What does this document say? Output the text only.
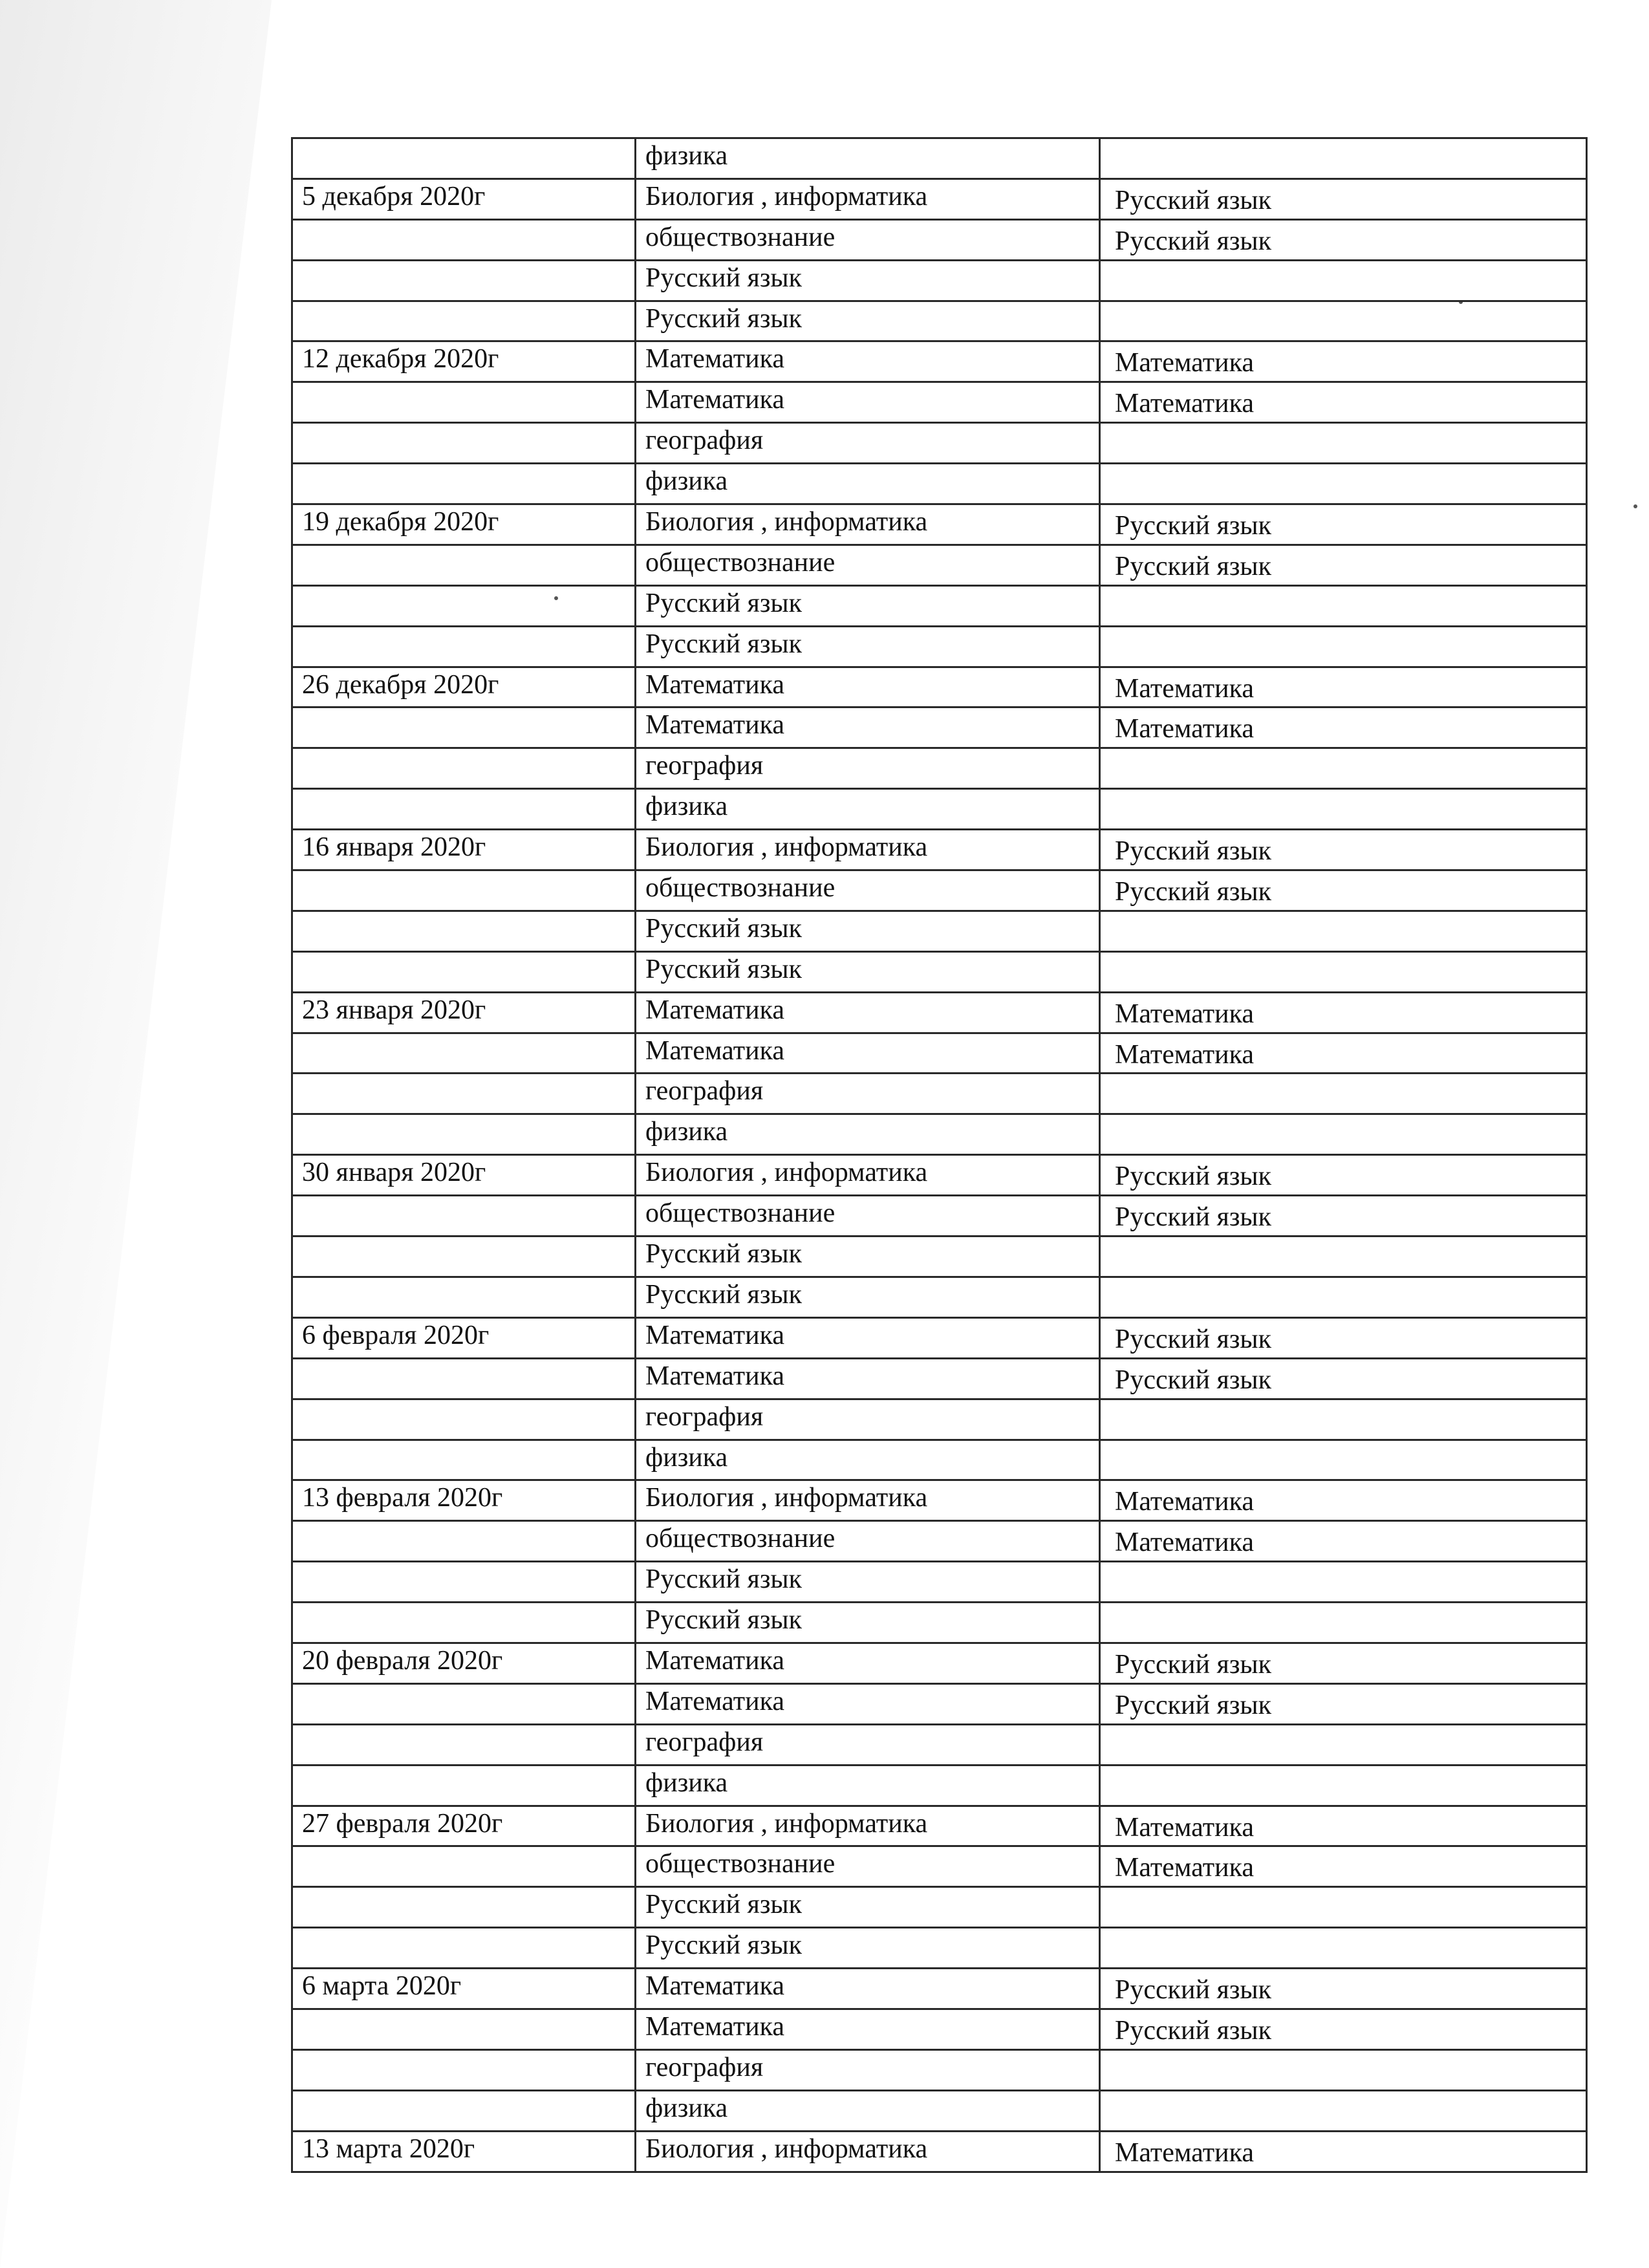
	физика	
5 декабря 2020г	Биология , информатика	Русский язык
	обществознание	Русский язык
	Русский язык	
	Русский язык	
12 декабря 2020г	Математика	Математика
	Математика	Математика
	география	
	физика	
19 декабря 2020г	Биология , информатика	Русский язык
	обществознание	Русский язык
	Русский язык	
	Русский язык	
26 декабря 2020г	Математика	Математика
	Математика	Математика
	география	
	физика	
16 января 2020г	Биология , информатика	Русский язык
	обществознание	Русский язык
	Русский язык	
	Русский язык	
23 января 2020г	Математика	Математика
	Математика	Математика
	география	
	физика	
30 января 2020г	Биология , информатика	Русский язык
	обществознание	Русский язык
	Русский язык	
	Русский язык	
6 февраля 2020г	Математика	Русский язык
	Математика	Русский язык
	география	
	физика	
13 февраля 2020г	Биология , информатика	Математика
	обществознание	Математика
	Русский язык	
	Русский язык	
20 февраля 2020г	Математика	Русский язык
	Математика	Русский язык
	география	
	физика	
27 февраля 2020г	Биология , информатика	Математика
	обществознание	Математика
	Русский язык	
	Русский язык	
6 марта 2020г	Математика	Русский язык
	Математика	Русский язык
	география	
	физика	
13 марта 2020г	Биология , информатика	Математика
